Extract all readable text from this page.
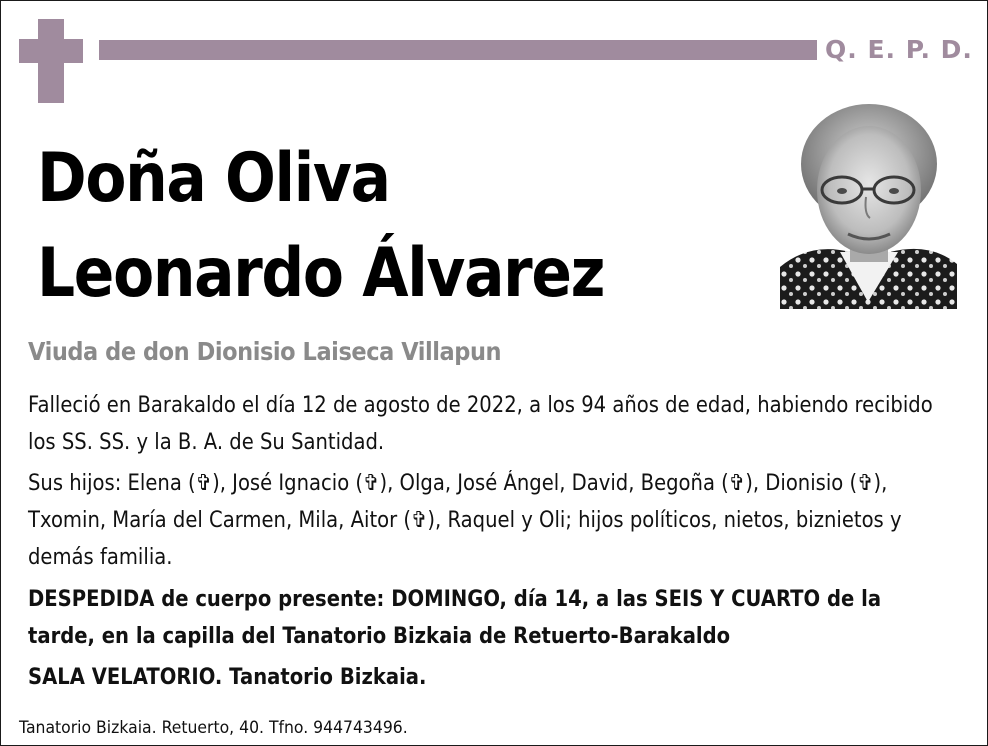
Q. E. P. D.
Doña Oliva
Leonardo Álvarez
Viuda de don Dionisio Laiseca Villapun

Falleció en Barakaldo el día 12 de agosto de 2022, a los 94 años de edad, habiendo recibido los SS. SS. y la B. A. de Su Santidad.

Sus hijos: Elena (✞), José Ignacio (✞), Olga, José Ángel, David, Begoña (✞), Dionisio (✞), Txomin, María del Carmen, Mila, Aitor (✞), Raquel y Oli; hijos políticos, nietos, biznietos y demás familia.

DESPEDIDA de cuerpo presente: DOMINGO, día 14, a las SEIS Y CUARTO de la tarde, en la capilla del Tanatorio Bizkaia de Retuerto-Barakaldo

SALA VELATORIO. Tanatorio Bizkaia.

Tanatorio Bizkaia. Retuerto, 40. Tfno. 944743496.
